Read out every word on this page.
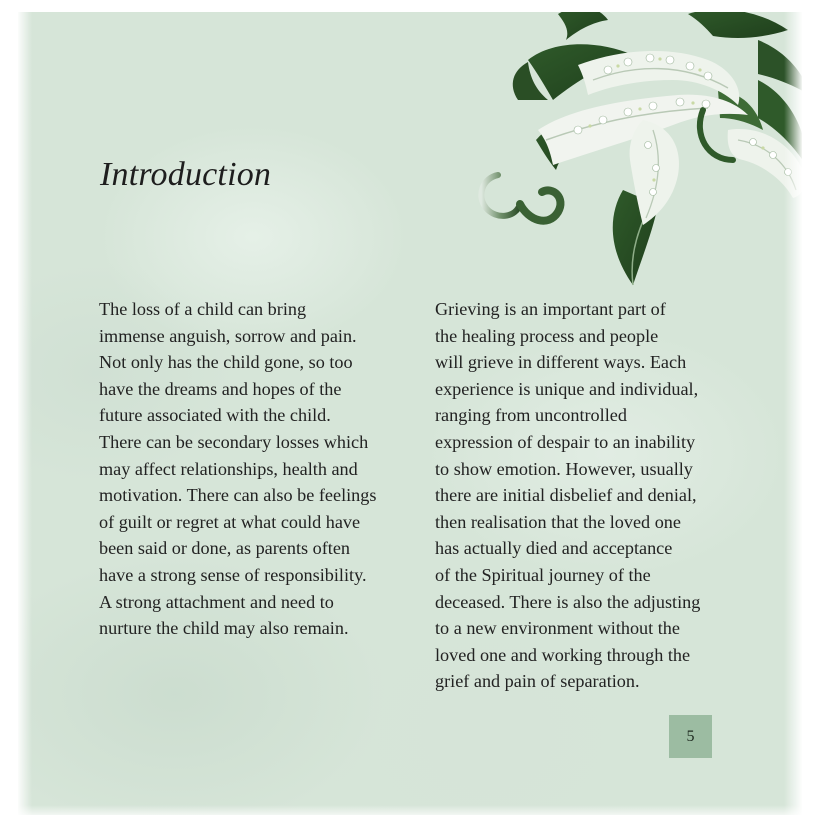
Introduction
The loss of a child can bring
immense anguish, sorrow and pain.
Not only has the child gone, so too
have the dreams and hopes of the
future associated with the child.
There can be secondary losses which
may affect relationships, health and
motivation. There can also be feelings
of guilt or regret at what could have
been said or done, as parents often
have a strong sense of responsibility.
A strong attachment and need to
nurture the child may also remain.
Grieving is an important part of
the healing process and people
will grieve in different ways. Each
experience is unique and individual,
ranging from uncontrolled
expression of despair to an inability
to show emotion. However, usually
there are initial disbelief and denial,
then realisation that the loved one
has actually died and acceptance
of the Spiritual journey of the
deceased. There is also the adjusting
to a new environment without the
loved one and working through the
grief and pain of separation.
5
